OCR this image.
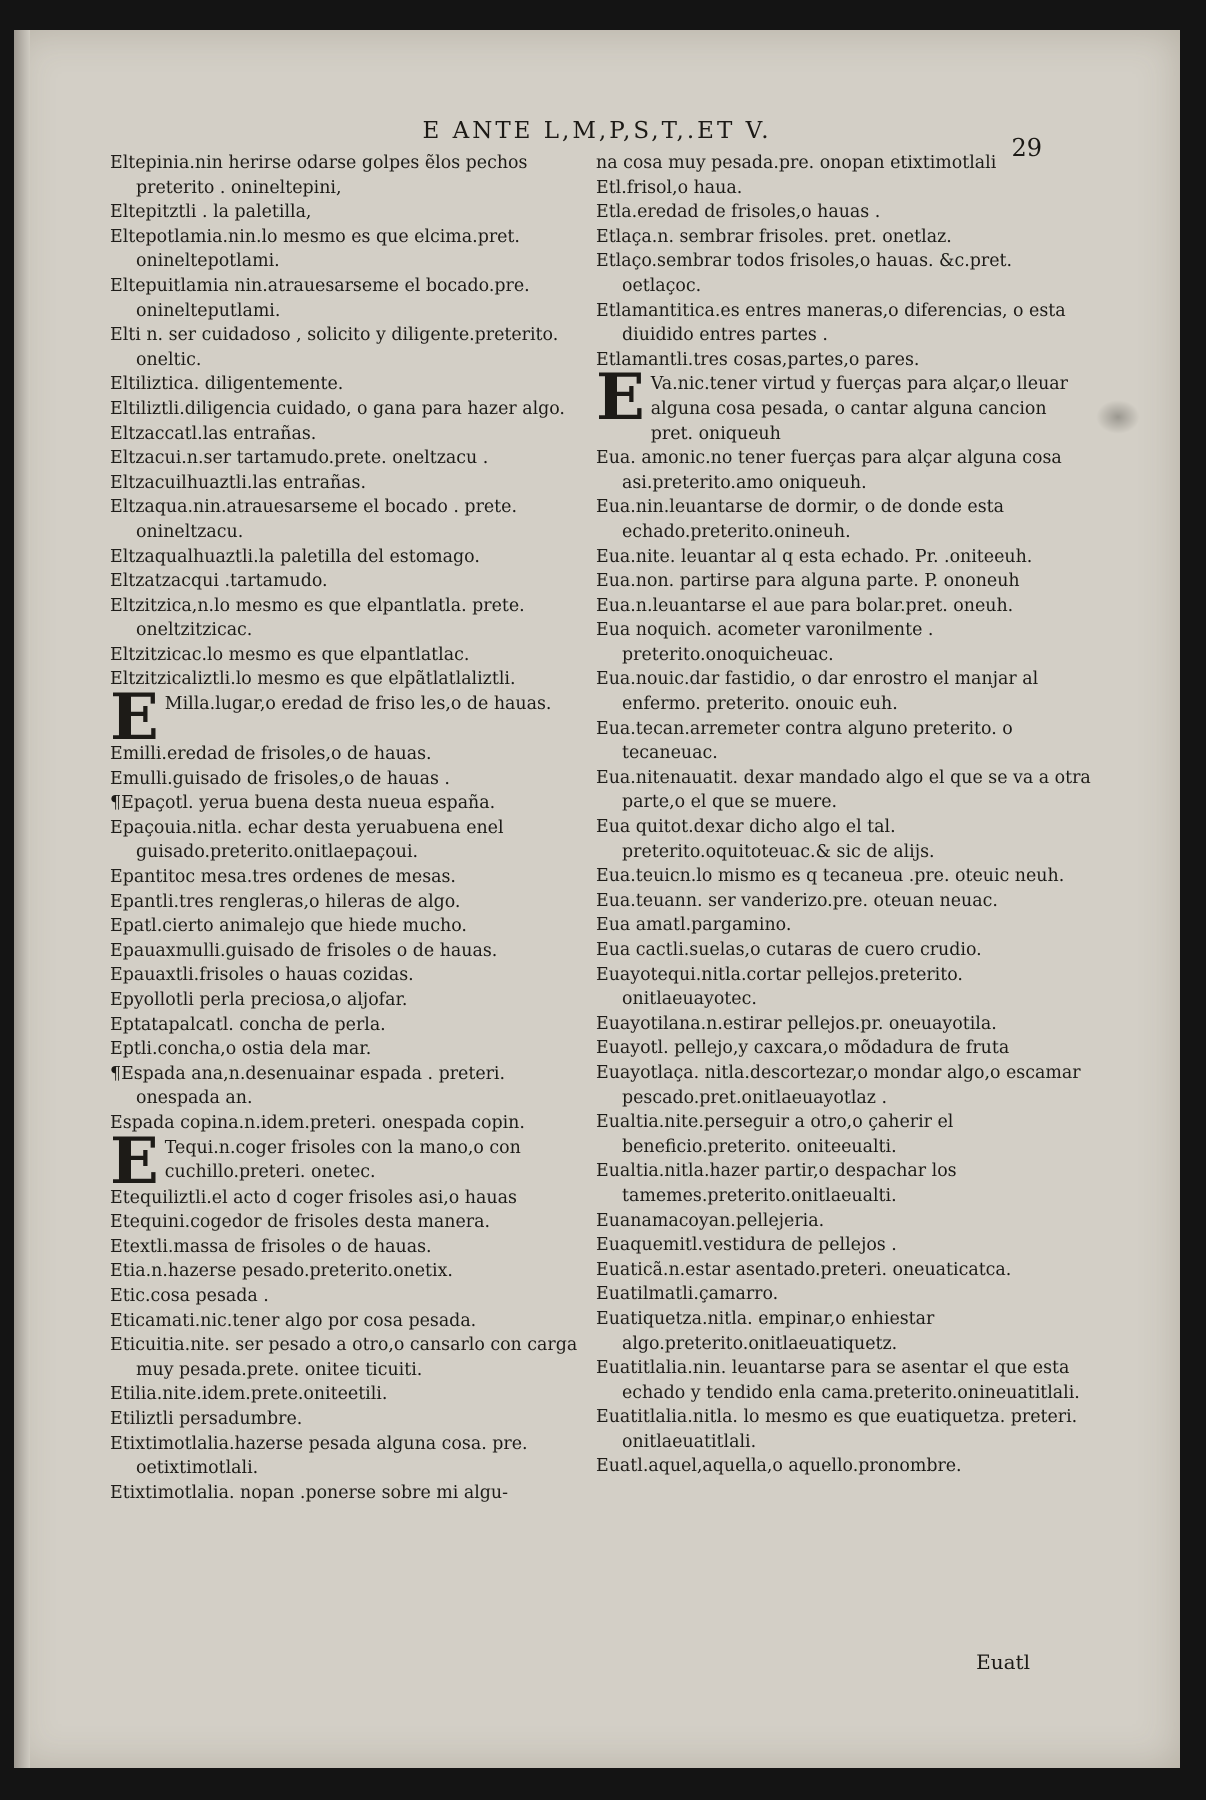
E ANTE L,M,P,S,T,.ET V.
29

Eltepinia.nin herirse odarse golpes ẽlos pechos preterito . onineltepini,

Eltepitztli . la paletilla,

Eltepotlamia.nin.lo mesmo es que elcima.pret. onineltepotlami.

Eltepuitlamia nin.atrauesarseme el bocado.pre. oninelteputlami.

Elti n. ser cuidadoso , solicito y diligente.preterito. oneltic.

Eltiliztica. diligentemente.

Eltiliztli.diligencia cuidado, o gana para hazer algo.

Eltzaccatl.las entrañas.

Eltzacui.n.ser tartamudo.prete. oneltzacu .

Eltzacuilhuaztli.las entrañas.

Eltzaqua.nin.atrauesarseme el bocado . prete. onineltzacu.

Eltzaqualhuaztli.la paletilla del estomago.

Eltzatzacqui .tartamudo.

Eltzitzica,n.lo mesmo es que elpantlatla. prete. oneltzitzicac.

Eltzitzicac.lo mesmo es que elpantlatlac.

Eltzitzicaliztli.lo mesmo es que elpãtlatlaliztli.

E Milla.lugar,o eredad de friso les,o de hauas.

Emilli.eredad de frisoles,o de hauas.

Emulli.guisado de frisoles,o de hauas .

¶Epaçotl. yerua buena desta nueua españa.

Epaçouia.nitla. echar desta yeruabuena enel guisado.preterito.onitlaepaçoui.

Epantitoc mesa.tres ordenes de mesas.

Epantli.tres rengleras,o hileras de algo.

Epatl.cierto animalejo que hiede mucho.

Epauaxmulli.guisado de frisoles o de hauas.

Epauaxtli.frisoles o hauas cozidas.

Epyollotli perla preciosa,o aljofar.

Eptatapalcatl. concha de perla.

Eptli.concha,o ostia dela mar.

¶Espada ana,n.desenuainar espada . preteri. onespada an.

Espada copina.n.idem.preteri. onespada copin.

E Tequi.n.coger frisoles con la mano,o con cuchillo.preteri. onetec.

Etequiliztli.el acto d coger frisoles asi,o hauas

Etequini.cogedor de frisoles desta manera.

Etextli.massa de frisoles o de hauas.

Etia.n.hazerse pesado.preterito.onetix.

Etic.cosa pesada .

Eticamati.nic.tener algo por cosa pesada.

Eticuitia.nite. ser pesado a otro,o cansarlo con carga muy pesada.prete. onitee ticuiti.

Etilia.nite.idem.prete.oniteetili.

Etiliztli persadumbre.

Etixtimotlalia.hazerse pesada alguna cosa. pre. oetixtimotlali.

Etixtimotlalia. nopan .ponerse sobre mi algu-

na cosa muy pesada.pre. onopan etixtimotlali

Etl.frisol,o haua.

Etla.eredad de frisoles,o hauas .

Etlaça.n. sembrar frisoles. pret. onetlaz.

Etlaço.sembrar todos frisoles,o hauas. &c.pret. oetlaçoc.

Etlamantitica.es entres maneras,o diferencias, o esta diuidido entres partes .

Etlamantli.tres cosas,partes,o pares.

E Va.nic.tener virtud y fuerças para alçar,o lleuar alguna cosa pesada, o cantar alguna cancion pret. oniqueuh

Eua. amonic.no tener fuerças para alçar alguna cosa asi.preterito.amo oniqueuh.

Eua.nin.leuantarse de dormir, o de donde esta echado.preterito.onineuh.

Eua.nite. leuantar al q esta echado. Pr. .oniteeuh.

Eua.non. partirse para alguna parte. P. ononeuh

Eua.n.leuantarse el aue para bolar.pret. oneuh.

Eua noquich. acometer varonilmente . preterito.onoquicheuac.

Eua.nouic.dar fastidio, o dar enrostro el manjar al enfermo. preterito. onouic euh.

Eua.tecan.arremeter contra alguno preterito. o tecaneuac.

Eua.nitenauatit. dexar mandado algo el que se va a otra parte,o el que se muere.

Eua quitot.dexar dicho algo el tal. preterito.oquitoteuac.& sic de alijs.

Eua.teuicn.lo mismo es q tecaneua .pre. oteuic neuh.

Eua.teuann. ser vanderizo.pre. oteuan neuac.

Eua amatl.pargamino.

Eua cactli.suelas,o cutaras de cuero crudio.

Euayotequi.nitla.cortar pellejos.preterito. onitlaeuayotec.

Euayotilana.n.estirar pellejos.pr. oneuayotila.

Euayotl. pellejo,y caxcara,o mõdadura de fruta

Euayotlaça. nitla.descortezar,o mondar algo,o escamar pescado.pret.onitlaeuayotlaz .

Eualtia.nite.perseguir a otro,o çaherir el beneficio.preterito. oniteeualti.

Eualtia.nitla.hazer partir,o despachar los tamemes.preterito.onitlaeualti.

Euanamacoyan.pellejeria.

Euaquemitl.vestidura de pellejos .

Euaticã.n.estar asentado.preteri. oneuaticatca.

Euatilmatli.çamarro.

Euatiquetza.nitla. empinar,o enhiestar algo.preterito.onitlaeuatiquetz.

Euatitlalia.nin. leuantarse para se asentar el que esta echado y tendido enla cama.preterito.onineuatitlali.

Euatitlalia.nitla. lo mesmo es que euatiquetza. preteri. onitlaeuatitlali.

Euatl.aquel,aquella,o aquello.pronombre.

Euatl
